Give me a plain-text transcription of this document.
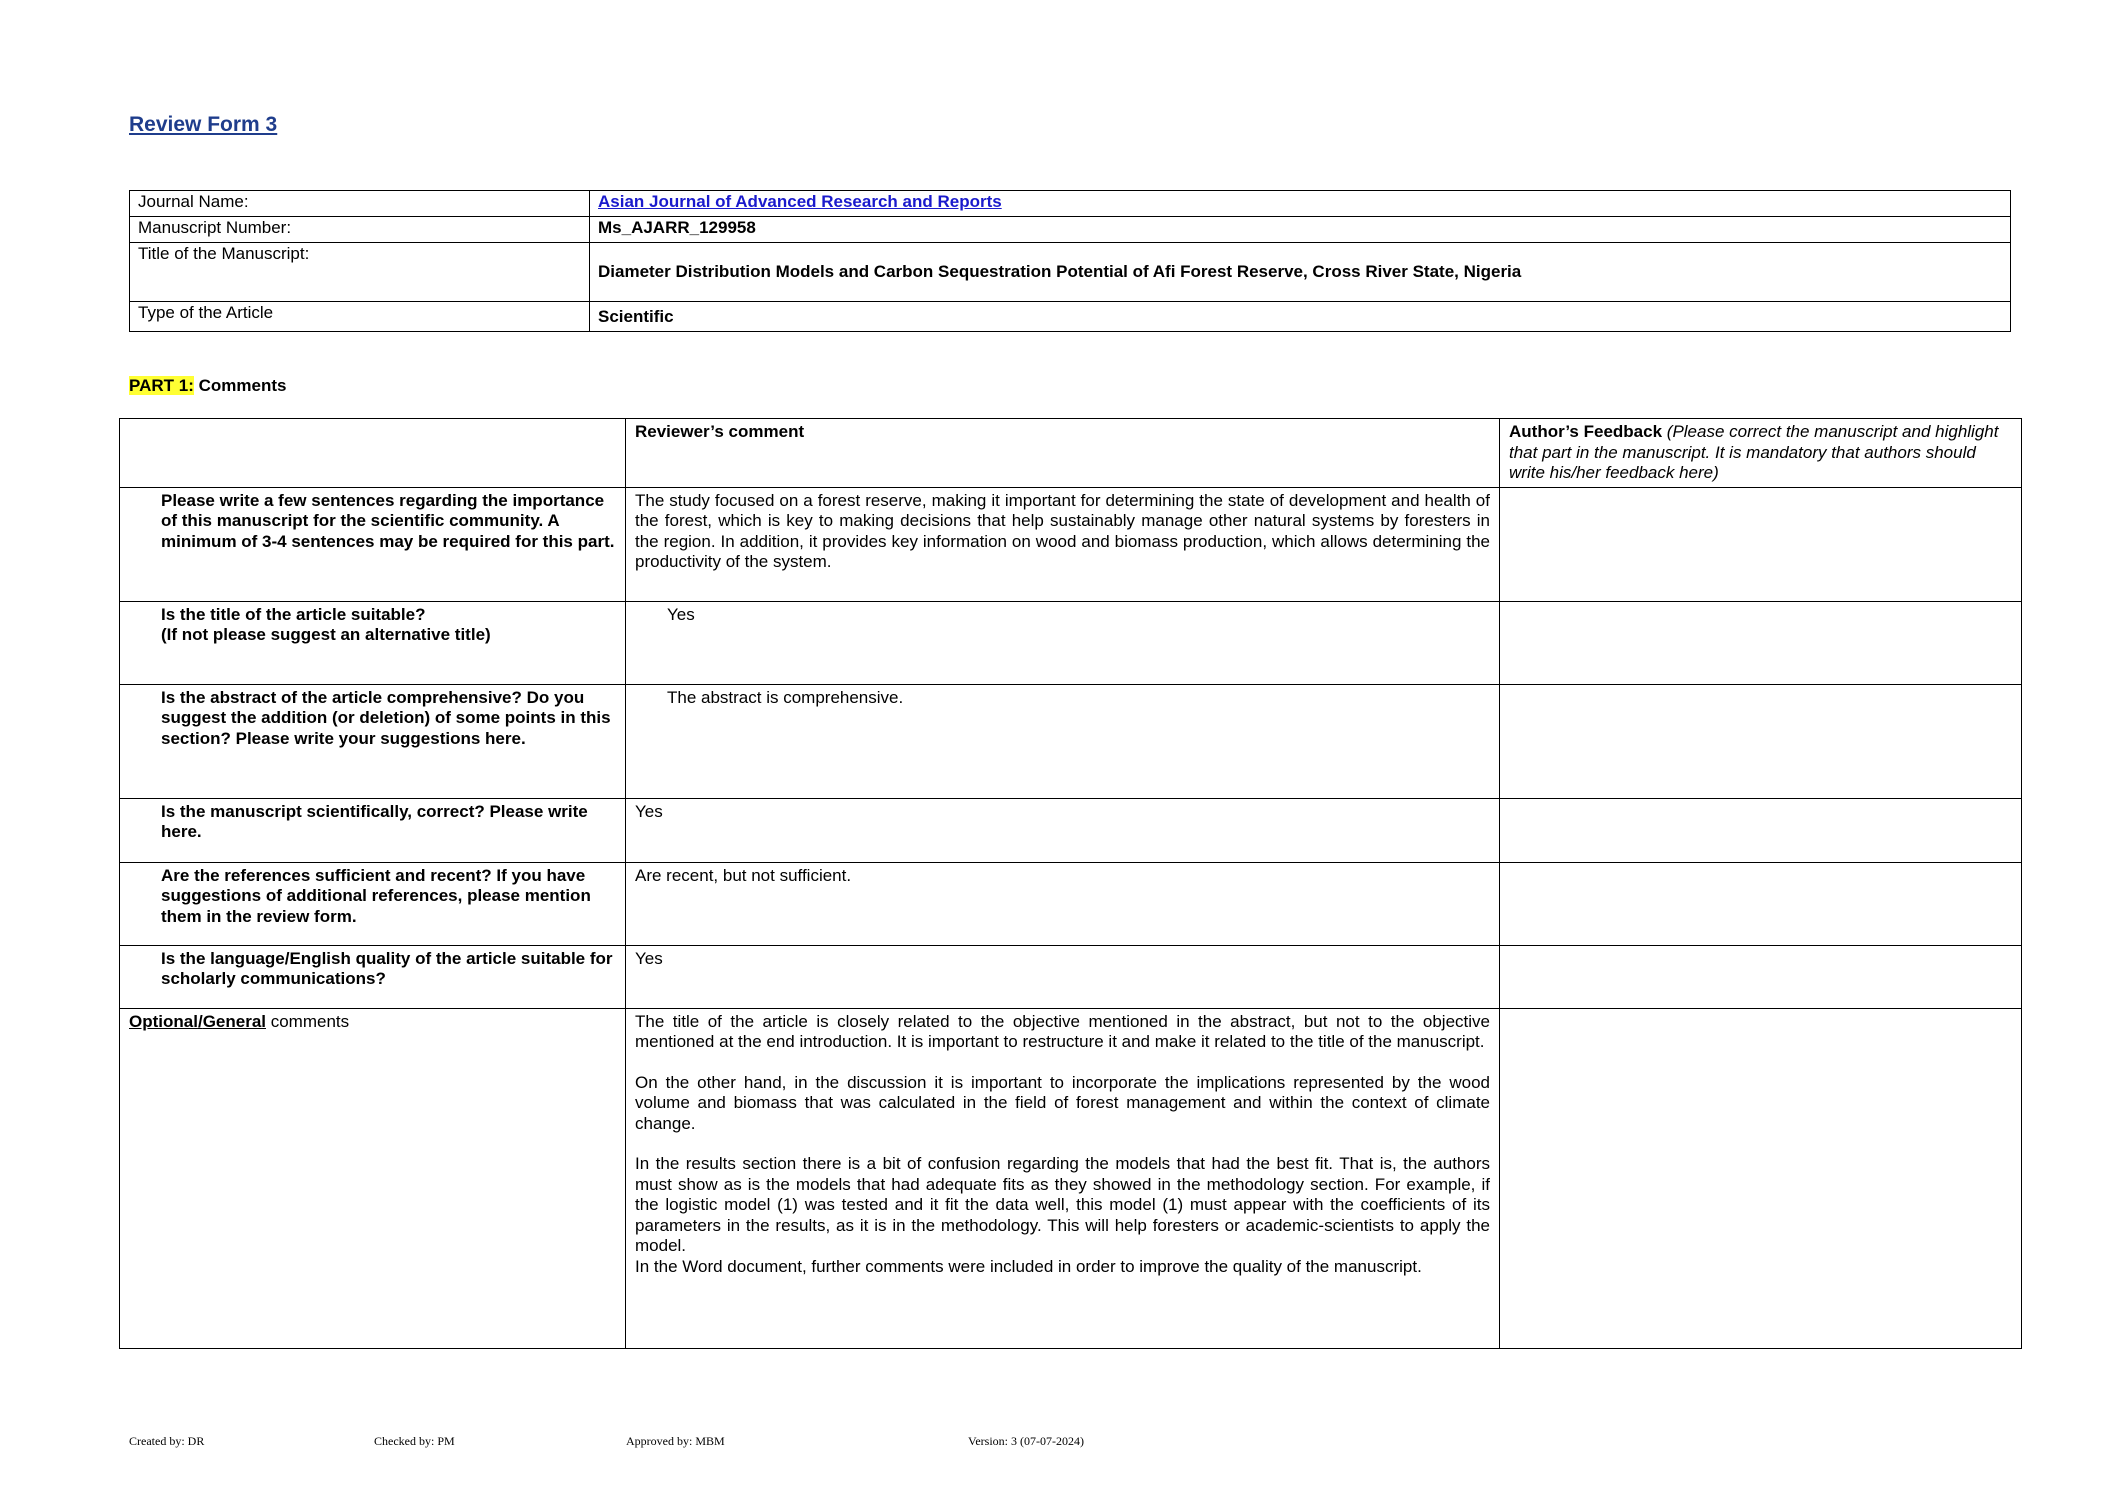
Review Form 3
Journal Name:	Asian Journal of Advanced Research and Reports
Manuscript Number:	Ms_AJARR_129958
Title of the Manuscript:	Diameter Distribution Models and Carbon Sequestration Potential of Afi Forest Reserve, Cross River State, Nigeria
Type of the Article	Scientific
PART 1: Comments
	Reviewer’s comment	Author’s Feedback (Please correct the manuscript and highlight that part in the manuscript. It is mandatory that authors should write his/her feedback here)
Please write a few sentences regarding the importance of this manuscript for the scientific community. A minimum of 3-4 sentences may be required for this part.	The study focused on a forest reserve, making it important for determining the state of development and health of the forest, which is key to making decisions that help sustainably manage other natural systems by foresters in the region. In addition, it provides key information on wood and biomass production, which allows determining the productivity of the system.	

Is the title of the article suitable?
(If not please suggest an alternative title)	Yes	
Is the abstract of the article comprehensive? Do you suggest the addition (or deletion) of some points in this section? Please write your suggestions here.	The abstract is comprehensive.	
Is the manuscript scientifically, correct? Please write here.	Yes	
Are the references sufficient and recent? If you have suggestions of additional references, please mention them in the review form.	Are recent, but not sufficient.	
Is the language/English quality of the article suitable for scholarly communications?	Yes	
Optional/General comments	The title of the article is closely related to the objective mentioned in the abstract, but not to the objective mentioned at the end introduction. It is important to restructure it and make it related to the title of the manuscript.

On the other hand, in the discussion it is important to incorporate the implications represented by the wood volume and biomass that was calculated in the field of forest management and within the context of climate change.

In the results section there is a bit of confusion regarding the models that had the best fit. That is, the authors must show as is the models that had adequate fits as they showed in the methodology section. For example, if the logistic model (1) was tested and it fit the data well, this model (1) must appear with the coefficients of its parameters in the results, as it is in the methodology. This will help foresters or academic-scientists to apply the model.

In the Word document, further comments were included in order to improve the quality of the manuscript.	

Created by: DR	Checked by: PM	Approved by: MBM	Version: 3 (07-07-2024)
